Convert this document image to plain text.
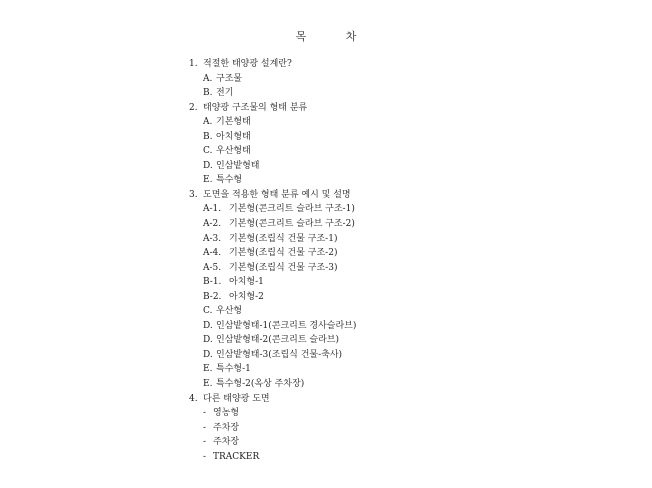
목 차
1. 적절한 태양광 설계란?
A. 구조물
B. 전기
2. 태양광 구조물의 형태 분류
A. 기본형태
B. 아치형태
C. 우산형태
D. 인삼밭형태
E. 특수형
3. 도면을 적용한 형태 분류 예시 및 설명
A-1. 기본형(콘크리트 슬라브 구조-1)
A-2. 기본형(콘크리트 슬라브 구조-2)
A-3. 기본형(조립식 건물 구조-1)
A-4. 기본형(조립식 건물 구조-2)
A-5. 기본형(조립식 건물 구조-3)
B-1. 아치형-1
B-2. 아치형-2
C. 우산형
D. 인삼밭형태-1(콘크리트 경사슬라브)
D. 인삼밭형태-2(콘크리트 슬라브)
D. 인삼밭형태-3(조립식 건물-축사)
E. 특수형-1
E. 특수형-2(옥상 주차장)
4. 다른 태양광 도면
- 영농형
- 주차장
- 주차장
- TRACKER
